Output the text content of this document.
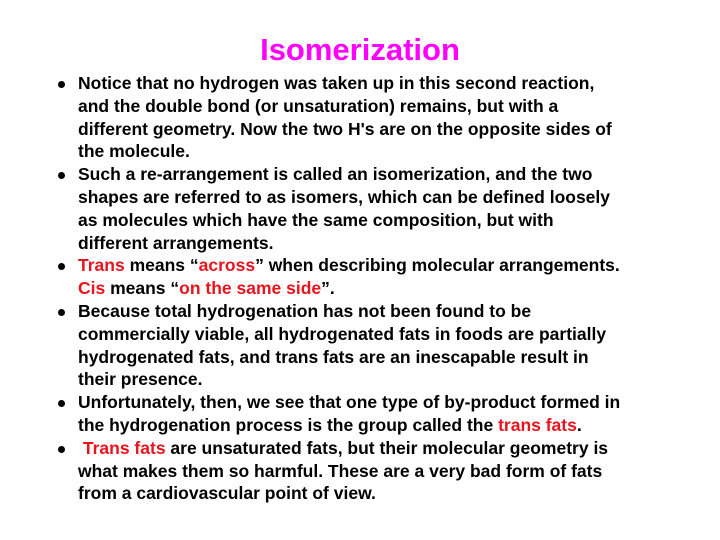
Isomerization
Notice that no hydrogen was taken up in this second reaction,
and the double bond (or unsaturation) remains, but with a
different geometry. Now the two H's are on the opposite sides of
the molecule.
Such a re-arrangement is called an isomerization, and the two
shapes are referred to as isomers, which can be defined loosely
as molecules which have the same composition, but with
different arrangements.
Trans means “across” when describing molecular arrangements.
Cis means “on the same side”.
Because total hydrogenation has not been found to be
commercially viable, all hydrogenated fats in foods are partially
hydrogenated fats, and trans fats are an inescapable result in
their presence.
Unfortunately, then, we see that one type of by-product formed in
the hydrogenation process is the group called the trans fats.
Trans fats are unsaturated fats, but their molecular geometry is
what makes them so harmful. These are a very bad form of fats
from a cardiovascular point of view.
